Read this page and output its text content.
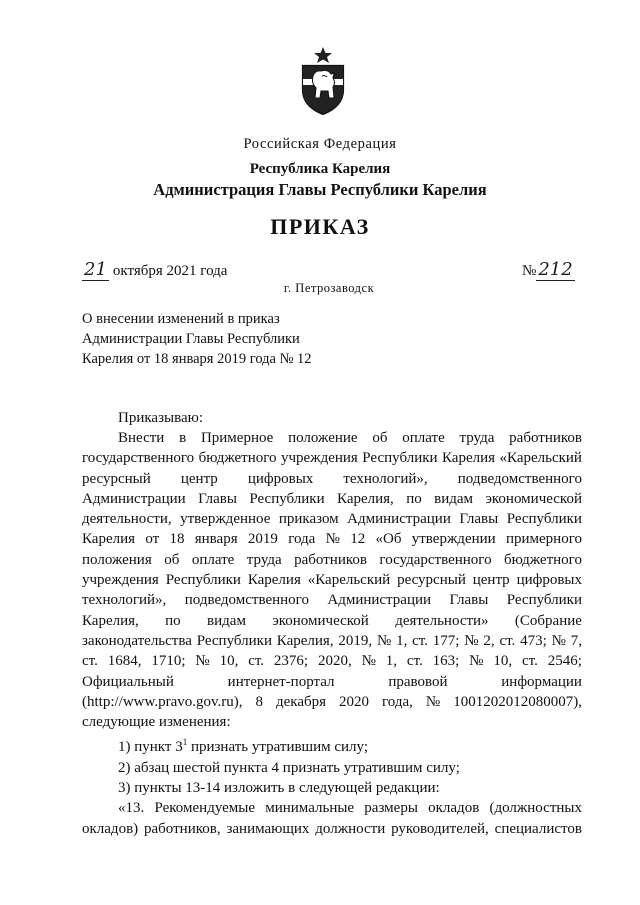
Российская Федерация
Республика Карелия
Администрация Главы Республики Карелия
ПРИКАЗ
21 октября 2021 года	№ 212
г. Петрозаводск
О внесении изменений в приказ
Администрации Главы Республики
Карелия от 18 января 2019 года № 12
Приказываю:
Внести в Примерное положение об оплате труда работников
государственного бюджетного учреждения Республики Карелия «Карельский
ресурсный центр цифровых технологий», подведомственного
Администрации Главы Республики Карелия, по видам экономической
деятельности, утвержденное приказом Администрации Главы Республики
Карелия от 18 января 2019 года № 12 «Об утверждении примерного
положения об оплате труда работников государственного бюджетного
учреждения Республики Карелия «Карельский ресурсный центр цифровых
технологий», подведомственного Администрации Главы Республики
Карелия, по видам экономической деятельности» (Собрание
законодательства Республики Карелия, 2019, № 1, ст. 177; № 2, ст. 473; № 7,
ст. 1684, 1710; № 10, ст. 2376; 2020, № 1, ст. 163; № 10, ст. 2546;
Официальный	интернет-портал	правовой	информации
(http://www.pravo.gov.ru), 8 декабря 2020 года, № 1001202012080007),
следующие изменения:
1) пункт $3^1$ признать утратившим силу;
2) абзац шестой пункта 4 признать утратившим силу;
3) пункты 13-14 изложить в следующей редакции:
«13. Рекомендуемые минимальные размеры окладов (должностных
окладов) работников, занимающих должности руководителей, специалистов
